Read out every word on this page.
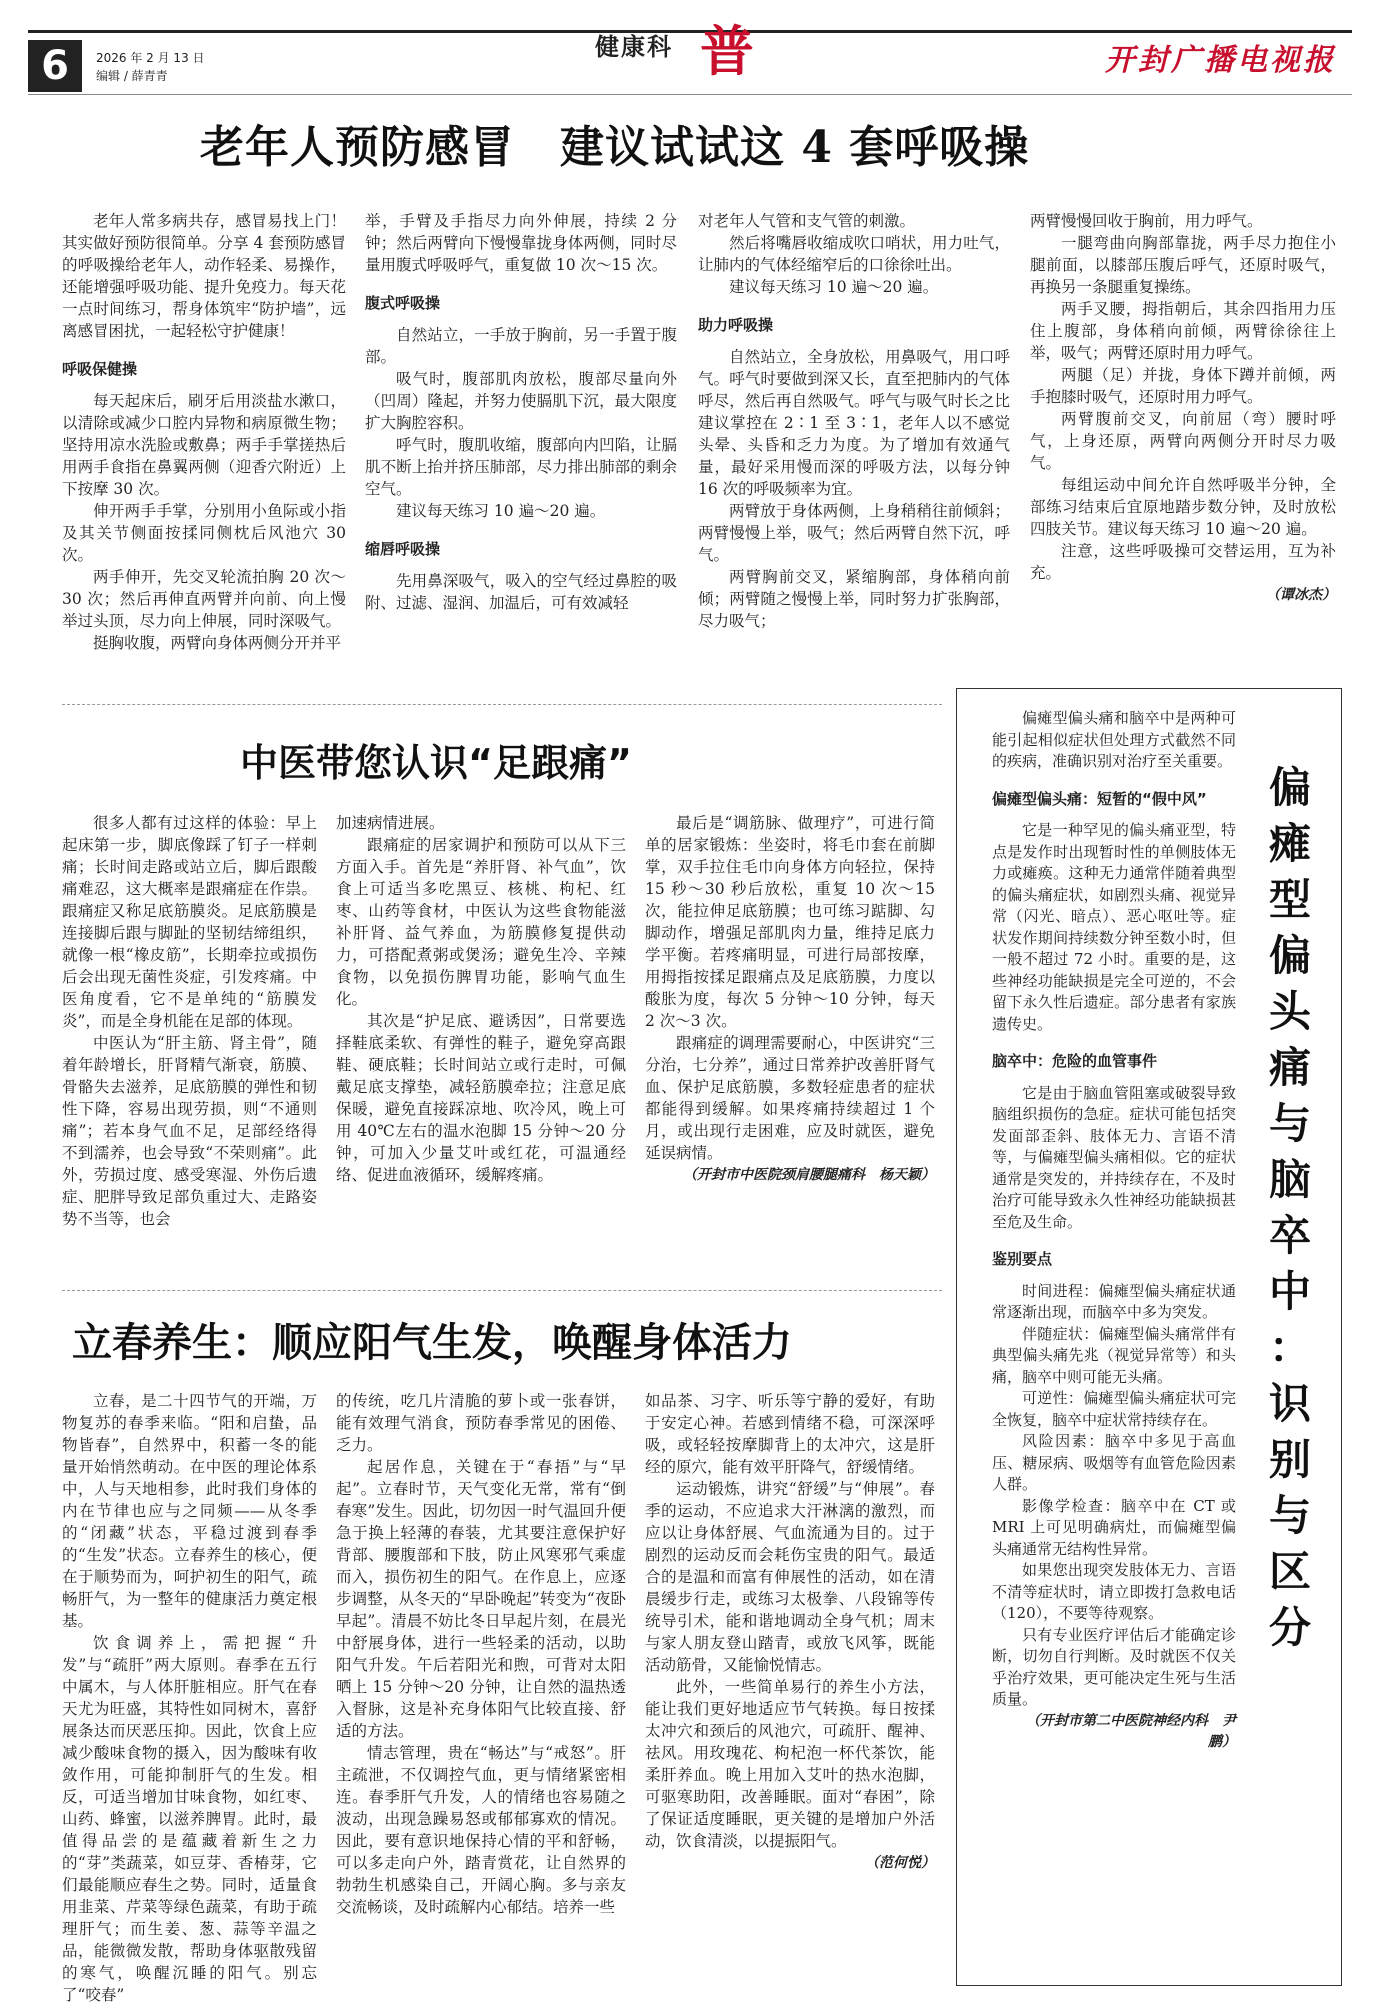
6	2026 年 2 月 13 日
编辑 / 薛青青
健康科 普	开封广播电视报
老年人预防感冒　建议试试这 4 套呼吸操

老年人常多病共存，感冒易找上门！其实做好预防很简单。分享 4 套预防感冒的呼吸操给老年人，动作轻柔、易操作，还能增强呼吸功能、提升免疫力。每天花一点时间练习，帮身体筑牢“防护墙”，远离感冒困扰，一起轻松守护健康！

呼吸保健操

每天起床后，刷牙后用淡盐水漱口，以清除或减少口腔内异物和病原微生物；坚持用凉水洗脸或敷鼻；两手手掌搓热后用两手食指在鼻翼两侧（迎香穴附近）上下按摩 30 次。

伸开两手手掌，分别用小鱼际或小指及其关节侧面按揉同侧枕后风池穴 30 次。

两手伸开，先交叉轮流拍胸 20 次～30 次；然后再伸直两臂并向前、向上慢举过头顶，尽力向上伸展，同时深吸气。

挺胸收腹，两臂向身体两侧分开并平

举，手臂及手指尽力向外伸展，持续 2 分钟；然后两臂向下慢慢靠拢身体两侧，同时尽量用腹式呼吸呼气，重复做 10 次～15 次。

腹式呼吸操

自然站立，一手放于胸前，另一手置于腹部。

吸气时，腹部肌肉放松，腹部尽量向外（凹周）隆起，并努力使膈肌下沉，最大限度扩大胸腔容积。

呼气时，腹肌收缩，腹部向内凹陷，让膈肌不断上抬并挤压肺部，尽力排出肺部的剩余空气。

建议每天练习 10 遍～20 遍。

缩唇呼吸操

先用鼻深吸气，吸入的空气经过鼻腔的吸附、过滤、湿润、加温后，可有效减轻

对老年人气管和支气管的刺激。

然后将嘴唇收缩成吹口哨状，用力吐气，让肺内的气体经缩窄后的口徐徐吐出。

建议每天练习 10 遍～20 遍。

助力呼吸操

自然站立，全身放松，用鼻吸气，用口呼气。呼气时要做到深又长，直至把肺内的气体呼尽，然后再自然吸气。呼气与吸气时长之比建议掌控在 2∶1 至 3∶1，老年人以不感觉头晕、头昏和乏力为度。为了增加有效通气量，最好采用慢而深的呼吸方法，以每分钟 16 次的呼吸频率为宜。

两臂放于身体两侧，上身稍稍往前倾斜；两臂慢慢上举，吸气；然后两臂自然下沉，呼气。

两臂胸前交叉，紧缩胸部，身体稍向前倾；两臂随之慢慢上举，同时努力扩张胸部，尽力吸气；

两臂慢慢回收于胸前，用力呼气。

一腿弯曲向胸部靠拢，两手尽力抱住小腿前面，以膝部压腹后呼气，还原时吸气，再换另一条腿重复操练。

两手叉腰，拇指朝后，其余四指用力压住上腹部，身体稍向前倾，两臂徐徐往上举，吸气；两臂还原时用力呼气。

两腿（足）并拢，身体下蹲并前倾，两手抱膝时吸气，还原时用力呼气。

两臂腹前交叉，向前屈（弯）腰时呼气，上身还原，两臂向两侧分开时尽力吸气。

每组运动中间允许自然呼吸半分钟，全部练习结束后宜原地踏步数分钟，及时放松四肢关节。建议每天练习 10 遍～20 遍。

注意，这些呼吸操可交替运用，互为补充。

（谭冰杰）

中医带您认识“足跟痛”

很多人都有过这样的体验：早上起床第一步，脚底像踩了钉子一样刺痛；长时间走路或站立后，脚后跟酸痛难忍，这大概率是跟痛症在作祟。跟痛症又称足底筋膜炎。足底筋膜是连接脚后跟与脚趾的坚韧结缔组织，就像一根“橡皮筋”，长期牵拉或损伤后会出现无菌性炎症，引发疼痛。中医角度看，它不是单纯的“筋膜发炎”，而是全身机能在足部的体现。

中医认为“肝主筋、肾主骨”，随着年龄增长，肝肾精气渐衰，筋膜、骨骼失去滋养，足底筋膜的弹性和韧性下降，容易出现劳损，则“不通则痛”；若本身气血不足，足部经络得不到濡养，也会导致“不荣则痛”。此外，劳损过度、感受寒湿、外伤后遗症、肥胖导致足部负重过大、走路姿势不当等，也会

加速病情进展。

跟痛症的居家调护和预防可以从下三方面入手。首先是“养肝肾、补气血”，饮食上可适当多吃黑豆、核桃、枸杞、红枣、山药等食材，中医认为这些食物能滋补肝肾、益气养血，为筋膜修复提供动力，可搭配煮粥或煲汤；避免生冷、辛辣食物，以免损伤脾胃功能，影响气血生化。

其次是“护足底、避诱因”，日常要选择鞋底柔软、有弹性的鞋子，避免穿高跟鞋、硬底鞋；长时间站立或行走时，可佩戴足底支撑垫，减轻筋膜牵拉；注意足底保暖，避免直接踩凉地、吹冷风，晚上可用 40℃左右的温水泡脚 15 分钟～20 分钟，可加入少量艾叶或红花，可温通经络、促进血液循环，缓解疼痛。

最后是“调筋脉、做理疗”，可进行简单的居家锻炼：坐姿时，将毛巾套在前脚掌，双手拉住毛巾向身体方向轻拉，保持 15 秒～30 秒后放松，重复 10 次～15 次，能拉伸足底筋膜；也可练习踮脚、勾脚动作，增强足部肌肉力量，维持足底力学平衡。若疼痛明显，可进行局部按摩，用拇指按揉足跟痛点及足底筋膜，力度以酸胀为度，每次 5 分钟～10 分钟，每天 2 次～3 次。

跟痛症的调理需要耐心，中医讲究“三分治，七分养”，通过日常养护改善肝肾气血、保护足底筋膜，多数轻症患者的症状都能得到缓解。如果疼痛持续超过 1 个月，或出现行走困难，应及时就医，避免延误病情。

（开封市中医院颈肩腰腿痛科　杨天颖）

立春养生：顺应阳气生发，唤醒身体活力

立春，是二十四节气的开端，万物复苏的春季来临。“阳和启蛰，品物皆春”，自然界中，积蓄一冬的能量开始悄然萌动。在中医的理论体系中，人与天地相参，此时我们身体的内在节律也应与之同频——从冬季的“闭藏”状态，平稳过渡到春季的“生发”状态。立春养生的核心，便在于顺势而为，呵护初生的阳气，疏畅肝气，为一整年的健康活力奠定根基。

饮食调养上，需把握“升发”与“疏肝”两大原则。春季在五行中属木，与人体肝脏相应。肝气在春天尤为旺盛，其特性如同树木，喜舒展条达而厌恶压抑。因此，饮食上应减少酸味食物的摄入，因为酸味有收敛作用，可能抑制肝气的生发。相反，可适当增加甘味食物，如红枣、山药、蜂蜜，以滋养脾胃。此时，最值得品尝的是蕴藏着新生之力的“芽”类蔬菜，如豆芽、香椿芽，它们最能顺应春生之势。同时，适量食用韭菜、芹菜等绿色蔬菜，有助于疏理肝气；而生姜、葱、蒜等辛温之品，能微微发散，帮助身体驱散残留的寒气，唤醒沉睡的阳气。别忘了“咬春”

的传统，吃几片清脆的萝卜或一张春饼，能有效理气消食，预防春季常见的困倦、乏力。

起居作息，关键在于“春捂”与“早起”。立春时节，天气变化无常，常有“倒春寒”发生。因此，切勿因一时气温回升便急于换上轻薄的春装，尤其要注意保护好背部、腰腹部和下肢，防止风寒邪气乘虚而入，损伤初生的阳气。在作息上，应逐步调整，从冬天的“早卧晚起”转变为“夜卧早起”。清晨不妨比冬日早起片刻，在晨光中舒展身体，进行一些轻柔的活动，以助阳气升发。午后若阳光和煦，可背对太阳晒上 15 分钟～20 分钟，让自然的温热透入督脉，这是补充身体阳气比较直接、舒适的方法。

情志管理，贵在“畅达”与“戒怒”。肝主疏泄，不仅调控气血，更与情绪紧密相连。春季肝气升发，人的情绪也容易随之波动，出现急躁易怒或郁郁寡欢的情况。因此，要有意识地保持心情的平和舒畅，可以多走向户外，踏青赏花，让自然界的勃勃生机感染自己，开阔心胸。多与亲友交流畅谈，及时疏解内心郁结。培养一些

如品茶、习字、听乐等宁静的爱好，有助于安定心神。若感到情绪不稳，可深深呼吸，或轻轻按摩脚背上的太冲穴，这是肝经的原穴，能有效平肝降气，舒缓情绪。

运动锻炼，讲究“舒缓”与“伸展”。春季的运动，不应追求大汗淋漓的激烈，而应以让身体舒展、气血流通为目的。过于剧烈的运动反而会耗伤宝贵的阳气。最适合的是温和而富有伸展性的活动，如在清晨缓步行走，或练习太极拳、八段锦等传统导引术，能和谐地调动全身气机；周末与家人朋友登山踏青，或放飞风筝，既能活动筋骨，又能愉悦情志。

此外，一些简单易行的养生小方法，能让我们更好地适应节气转换。每日按揉太冲穴和颈后的风池穴，可疏肝、醒神、祛风。用玫瑰花、枸杞泡一杯代茶饮，能柔肝养血。晚上用加入艾叶的热水泡脚，可驱寒助阳，改善睡眠。面对“春困”，除了保证适度睡眠，更关键的是增加户外活动，饮食清淡，以提振阳气。

（范何悦）

偏瘫型偏头痛和脑卒中是两种可能引起相似症状但处理方式截然不同的疾病，准确识别对治疗至关重要。

偏瘫型偏头痛：短暂的“假中风”

它是一种罕见的偏头痛亚型，特点是发作时出现暂时性的单侧肢体无力或瘫痪。这种无力通常伴随着典型的偏头痛症状，如剧烈头痛、视觉异常（闪光、暗点）、恶心呕吐等。症状发作期间持续数分钟至数小时，但一般不超过 72 小时。重要的是，这些神经功能缺损是完全可逆的，不会留下永久性后遗症。部分患者有家族遗传史。

脑卒中：危险的血管事件

它是由于脑血管阻塞或破裂导致脑组织损伤的急症。症状可能包括突发面部歪斜、肢体无力、言语不清等，与偏瘫型偏头痛相似。它的症状通常是突发的，并持续存在，不及时治疗可能导致永久性神经功能缺损甚至危及生命。

鉴别要点

时间进程：偏瘫型偏头痛症状通常逐渐出现，而脑卒中多为突发。

伴随症状：偏瘫型偏头痛常伴有典型偏头痛先兆（视觉异常等）和头痛，脑卒中则可能无头痛。

可逆性：偏瘫型偏头痛症状可完全恢复，脑卒中症状常持续存在。

风险因素：脑卒中多见于高血压、糖尿病、吸烟等有血管危险因素人群。

影像学检查：脑卒中在 CT 或 MRI 上可见明确病灶，而偏瘫型偏头痛通常无结构性异常。

如果您出现突发肢体无力、言语不清等症状时，请立即拨打急救电话（120），不要等待观察。

只有专业医疗评估后才能确定诊断，切勿自行判断。及时就医不仅关乎治疗效果，更可能决定生死与生活质量。

（开封市第二中医院神经内科　尹鹏）

偏
瘫
型
偏
头
痛
与
脑
卒
中
：
识
别
与
区
分
